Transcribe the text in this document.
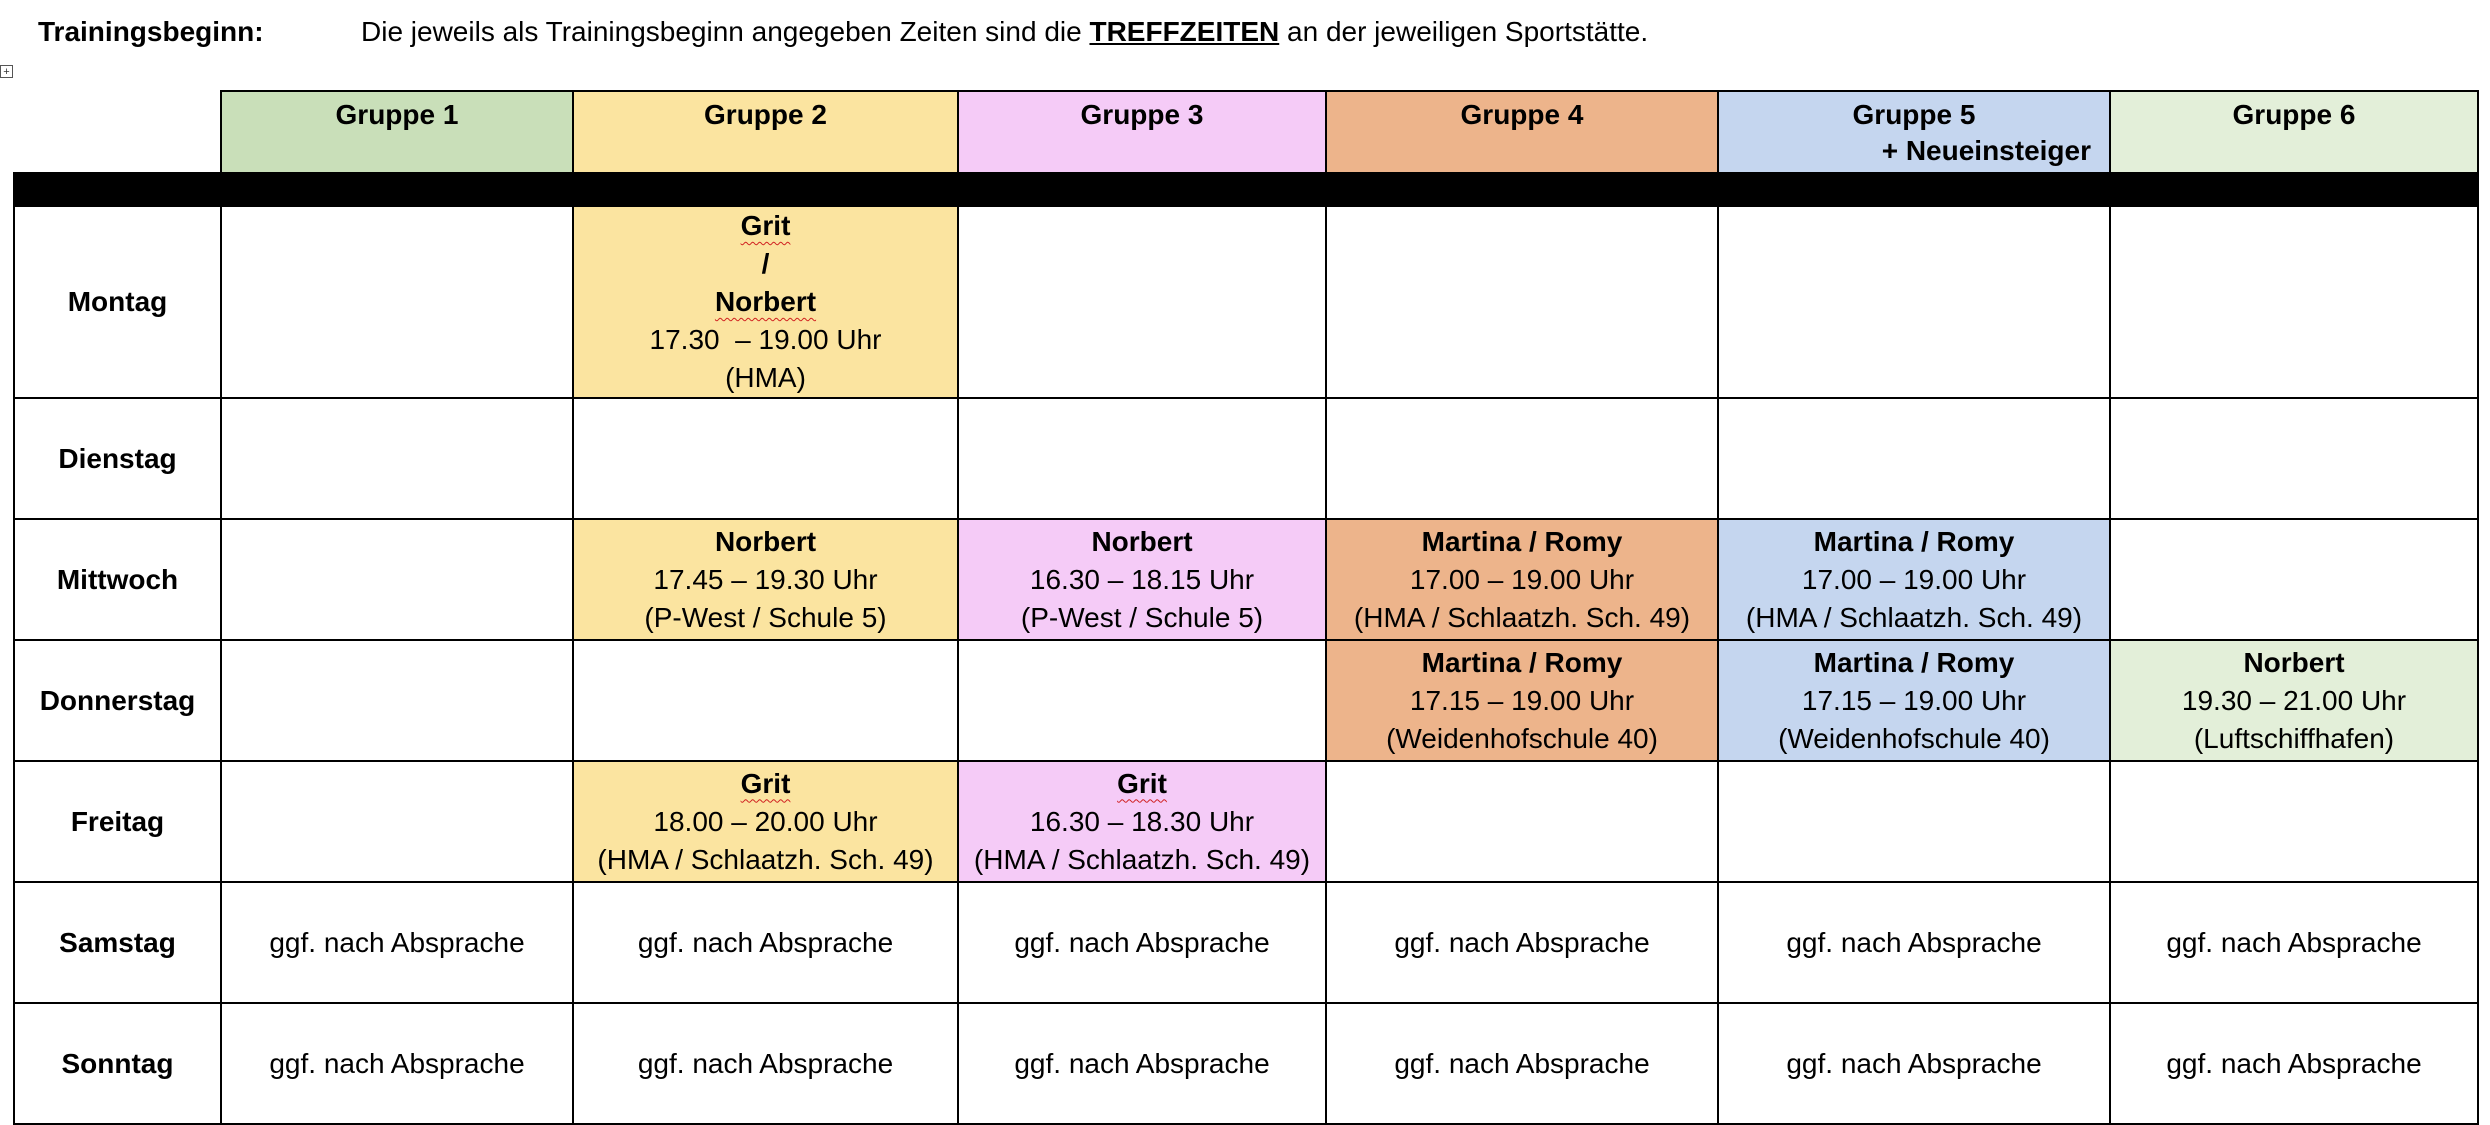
Trainingsbeginn:	Die jeweils als Trainingsbeginn angegeben Zeiten sind die TREFFZEITEN an der jeweiligen Sportstätte.
+
	Gruppe 1	Gruppe 2	Gruppe 3	Gruppe 4	Gruppe 5
+ Neueinsteiger	Gruppe 6

Montag		Grit
/
Norbert
17.30  – 19.00 Uhr
(HMA)				

Dienstag						
Mittwoch		Norbert
17.45 – 19.30 Uhr
(P-West / Schule 5)	Norbert
16.30 – 18.15 Uhr
(P-West / Schule 5)	Martina / Romy
17.00 – 19.00 Uhr
(HMA / Schlaatzh. Sch. 49)	Martina / Romy
17.00 – 19.00 Uhr
(HMA / Schlaatzh. Sch. 49)	

Donnerstag				Martina / Romy
17.15 – 19.00 Uhr
(Weidenhofschule 40)	Martina / Romy
17.15 – 19.00 Uhr
(Weidenhofschule 40)	Norbert
19.30 – 21.00 Uhr
(Luftschiffhafen)

Freitag		Grit
18.00 – 20.00 Uhr
(HMA / Schlaatzh. Sch. 49)	Grit
16.30 – 18.30 Uhr
(HMA / Schlaatzh. Sch. 49)			

Samstag	ggf. nach Absprache	ggf. nach Absprache	ggf. nach Absprache	ggf. nach Absprache	ggf. nach Absprache	ggf. nach Absprache
Sonntag	ggf. nach Absprache	ggf. nach Absprache	ggf. nach Absprache	ggf. nach Absprache	ggf. nach Absprache	ggf. nach Absprache
